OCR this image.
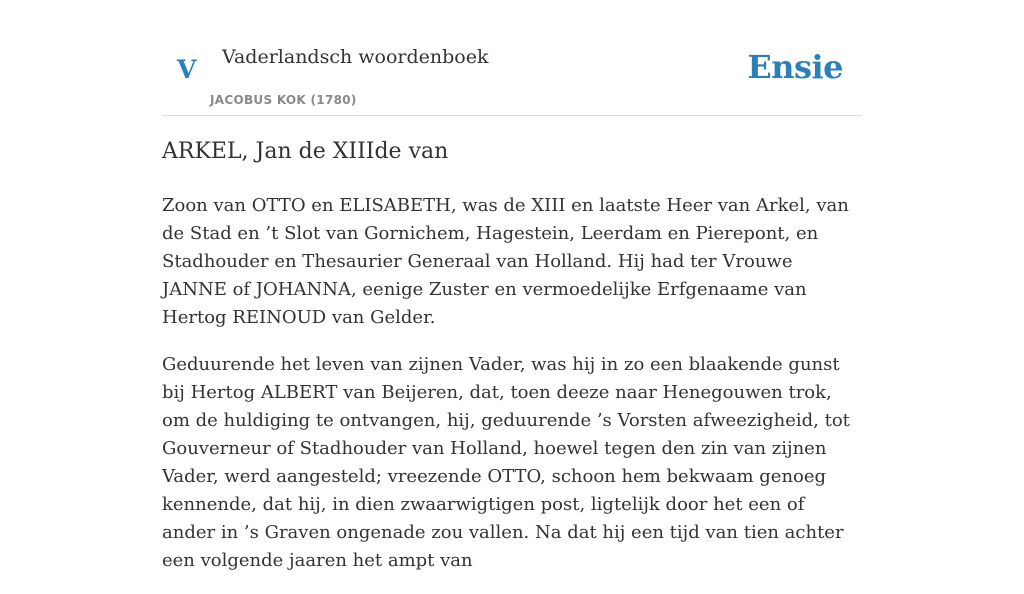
V Vaderlandsch woordenboek
JACOBUS KOK (1780)
Ensie
ARKEL, Jan de XIIIde van

Zoon van OTTO en ELISABETH, was de XIII en laatste Heer van Arkel, van de Stad en ’t Slot van Gornichem, Hagestein, Leerdam en Pierepont, en Stadhouder en Thesaurier Generaal van Holland. Hij had ter Vrouwe JANNE of JOHANNA, eenige Zuster en vermoedelijke Erfgenaame van Hertog REINOUD van Gelder.

Geduurende het leven van zijnen Vader, was hij in zo een blaakende gunst bij Hertog ALBERT van Beijeren, dat, toen deeze naar Henegouwen trok, om de huldiging te ontvangen, hij, geduurende ’s Vorsten afweezigheid, tot Gouverneur of Stadhouder van Holland, hoewel tegen den zin van zijnen Vader, werd aangesteld; vreezende OTTO, schoon hem bekwaam genoeg kennende, dat hij, in dien zwaarwigtigen post, ligtelijk door het een of ander in ’s Graven ongenade zou vallen. Na dat hij een tijd van tien achter een volgende jaaren het ampt van
